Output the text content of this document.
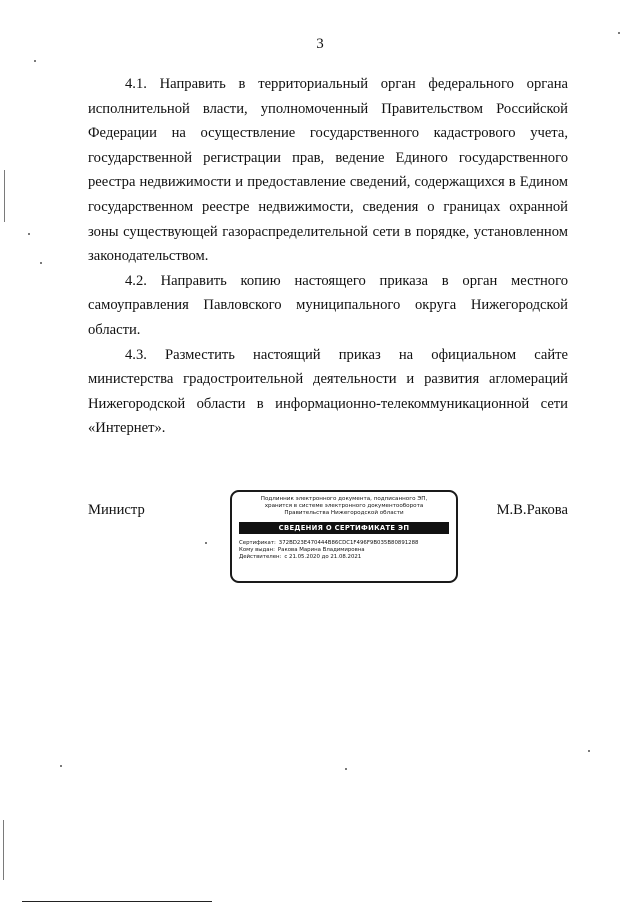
3

4.1. Направить в территориальный орган федерального органа исполнительной власти, уполномоченный Правительством Российской Федерации на осуществление государственного кадастрового учета, государственной регистрации прав, ведение Единого государственного реестра недвижимости и предоставление сведений, содержащихся в Едином государственном реестре недвижимости, сведения о границах охранной зоны существующей газораспределительной сети в порядке, установленном законодательством.

4.2. Направить копию настоящего приказа в орган местного самоуправления Павловского муниципального округа Нижегородской области.

4.3. Разместить настоящий приказ на официальном сайте министерства градостроительной деятельности и развития агломераций Нижегородской области в информационно-телекоммуникационной сети «Интернет».

Министр

Подлинник электронного документа, подписанного ЭП,

хранится в системе электронного документооборота

Правительства Нижегородской области

СВЕДЕНИЯ О СЕРТИФИКАТЕ ЭП

Сертификат: 372BD23E470444B86CDC1F496F9B035B80891288

Кому выдан: Ракова Марина Владимировна

Действителен: с 21.05.2020 до 21.08.2021

М.В.Ракова
